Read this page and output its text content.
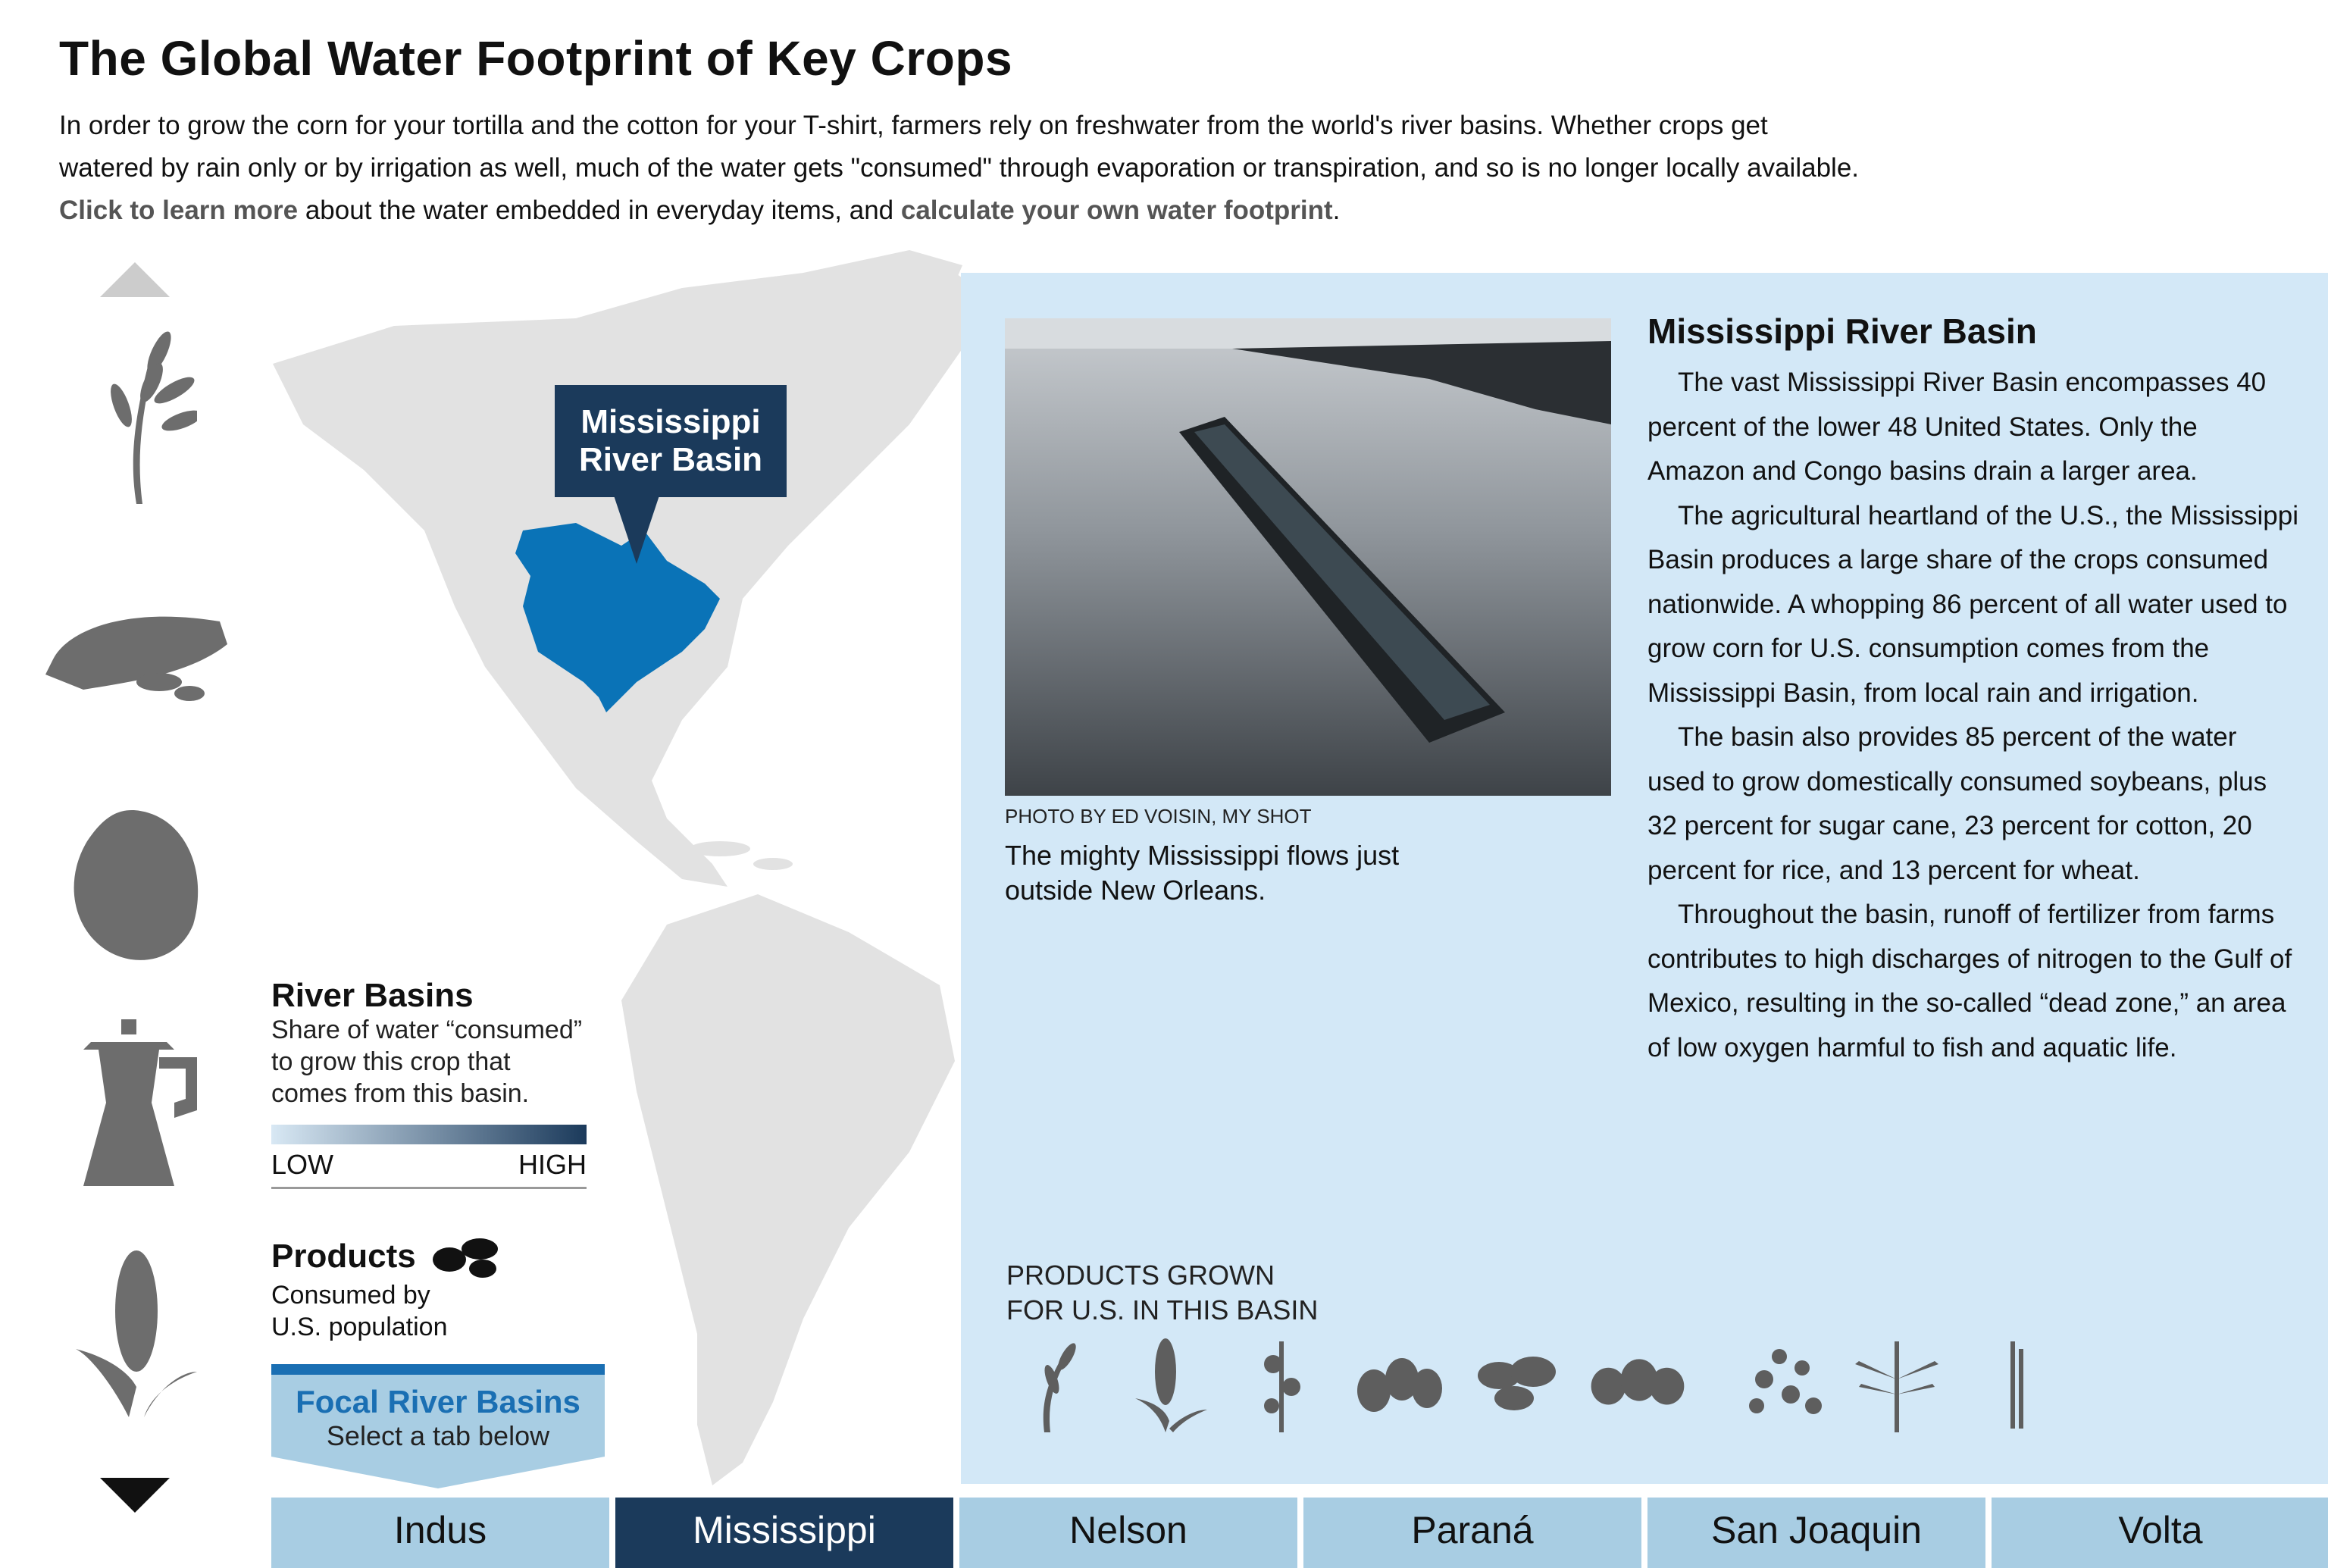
The Global Water Footprint of Key Crops

In order to grow the corn for your tortilla and the cotton for your T-shirt, farmers rely on freshwater from the world's river basins. Whether crops get
watered by rain only or by irrigation as well, much of the water gets "consumed" through evaporation or transpiration, and so is no longer locally available.
Click to learn more about the water embedded in everyday items, and calculate your own water footprint.

Mississippi
River Basin
River Basins
Share of water “consumed” to grow this crop that comes from this basin.
LOW	HIGH
Products
Consumed by
U.S. population
Focal River Basins
Select a tab below
PHOTO BY ED VOISIN, MY SHOT
The mighty Mississippi flows just outside New Orleans.
Mississippi River Basin

The vast Mississippi River Basin encompasses 40 percent of the lower 48 United States. Only the Amazon and Congo basins drain a larger area.

The agricultural heartland of the U.S., the Mississippi Basin produces a large share of the crops consumed nationwide. A whopping 86 percent of all water used to grow corn for U.S. consumption comes from the Mississippi Basin, from local rain and irrigation.

The basin also provides 85 percent of the water used to grow domestically consumed soybeans, plus 32 percent for sugar cane, 23 percent for cotton, 20 percent for rice, and 13 percent for wheat.

Throughout the basin, runoff of fertilizer from farms contributes to high discharges of nitrogen to the Gulf of Mexico, resulting in the so-called “dead zone,” an area of low oxygen harmful to fish and aquatic life.

PRODUCTS GROWN
FOR U.S. IN THIS BASIN
Indus	Mississippi	Nelson	Paraná	San Joaquin	Volta
